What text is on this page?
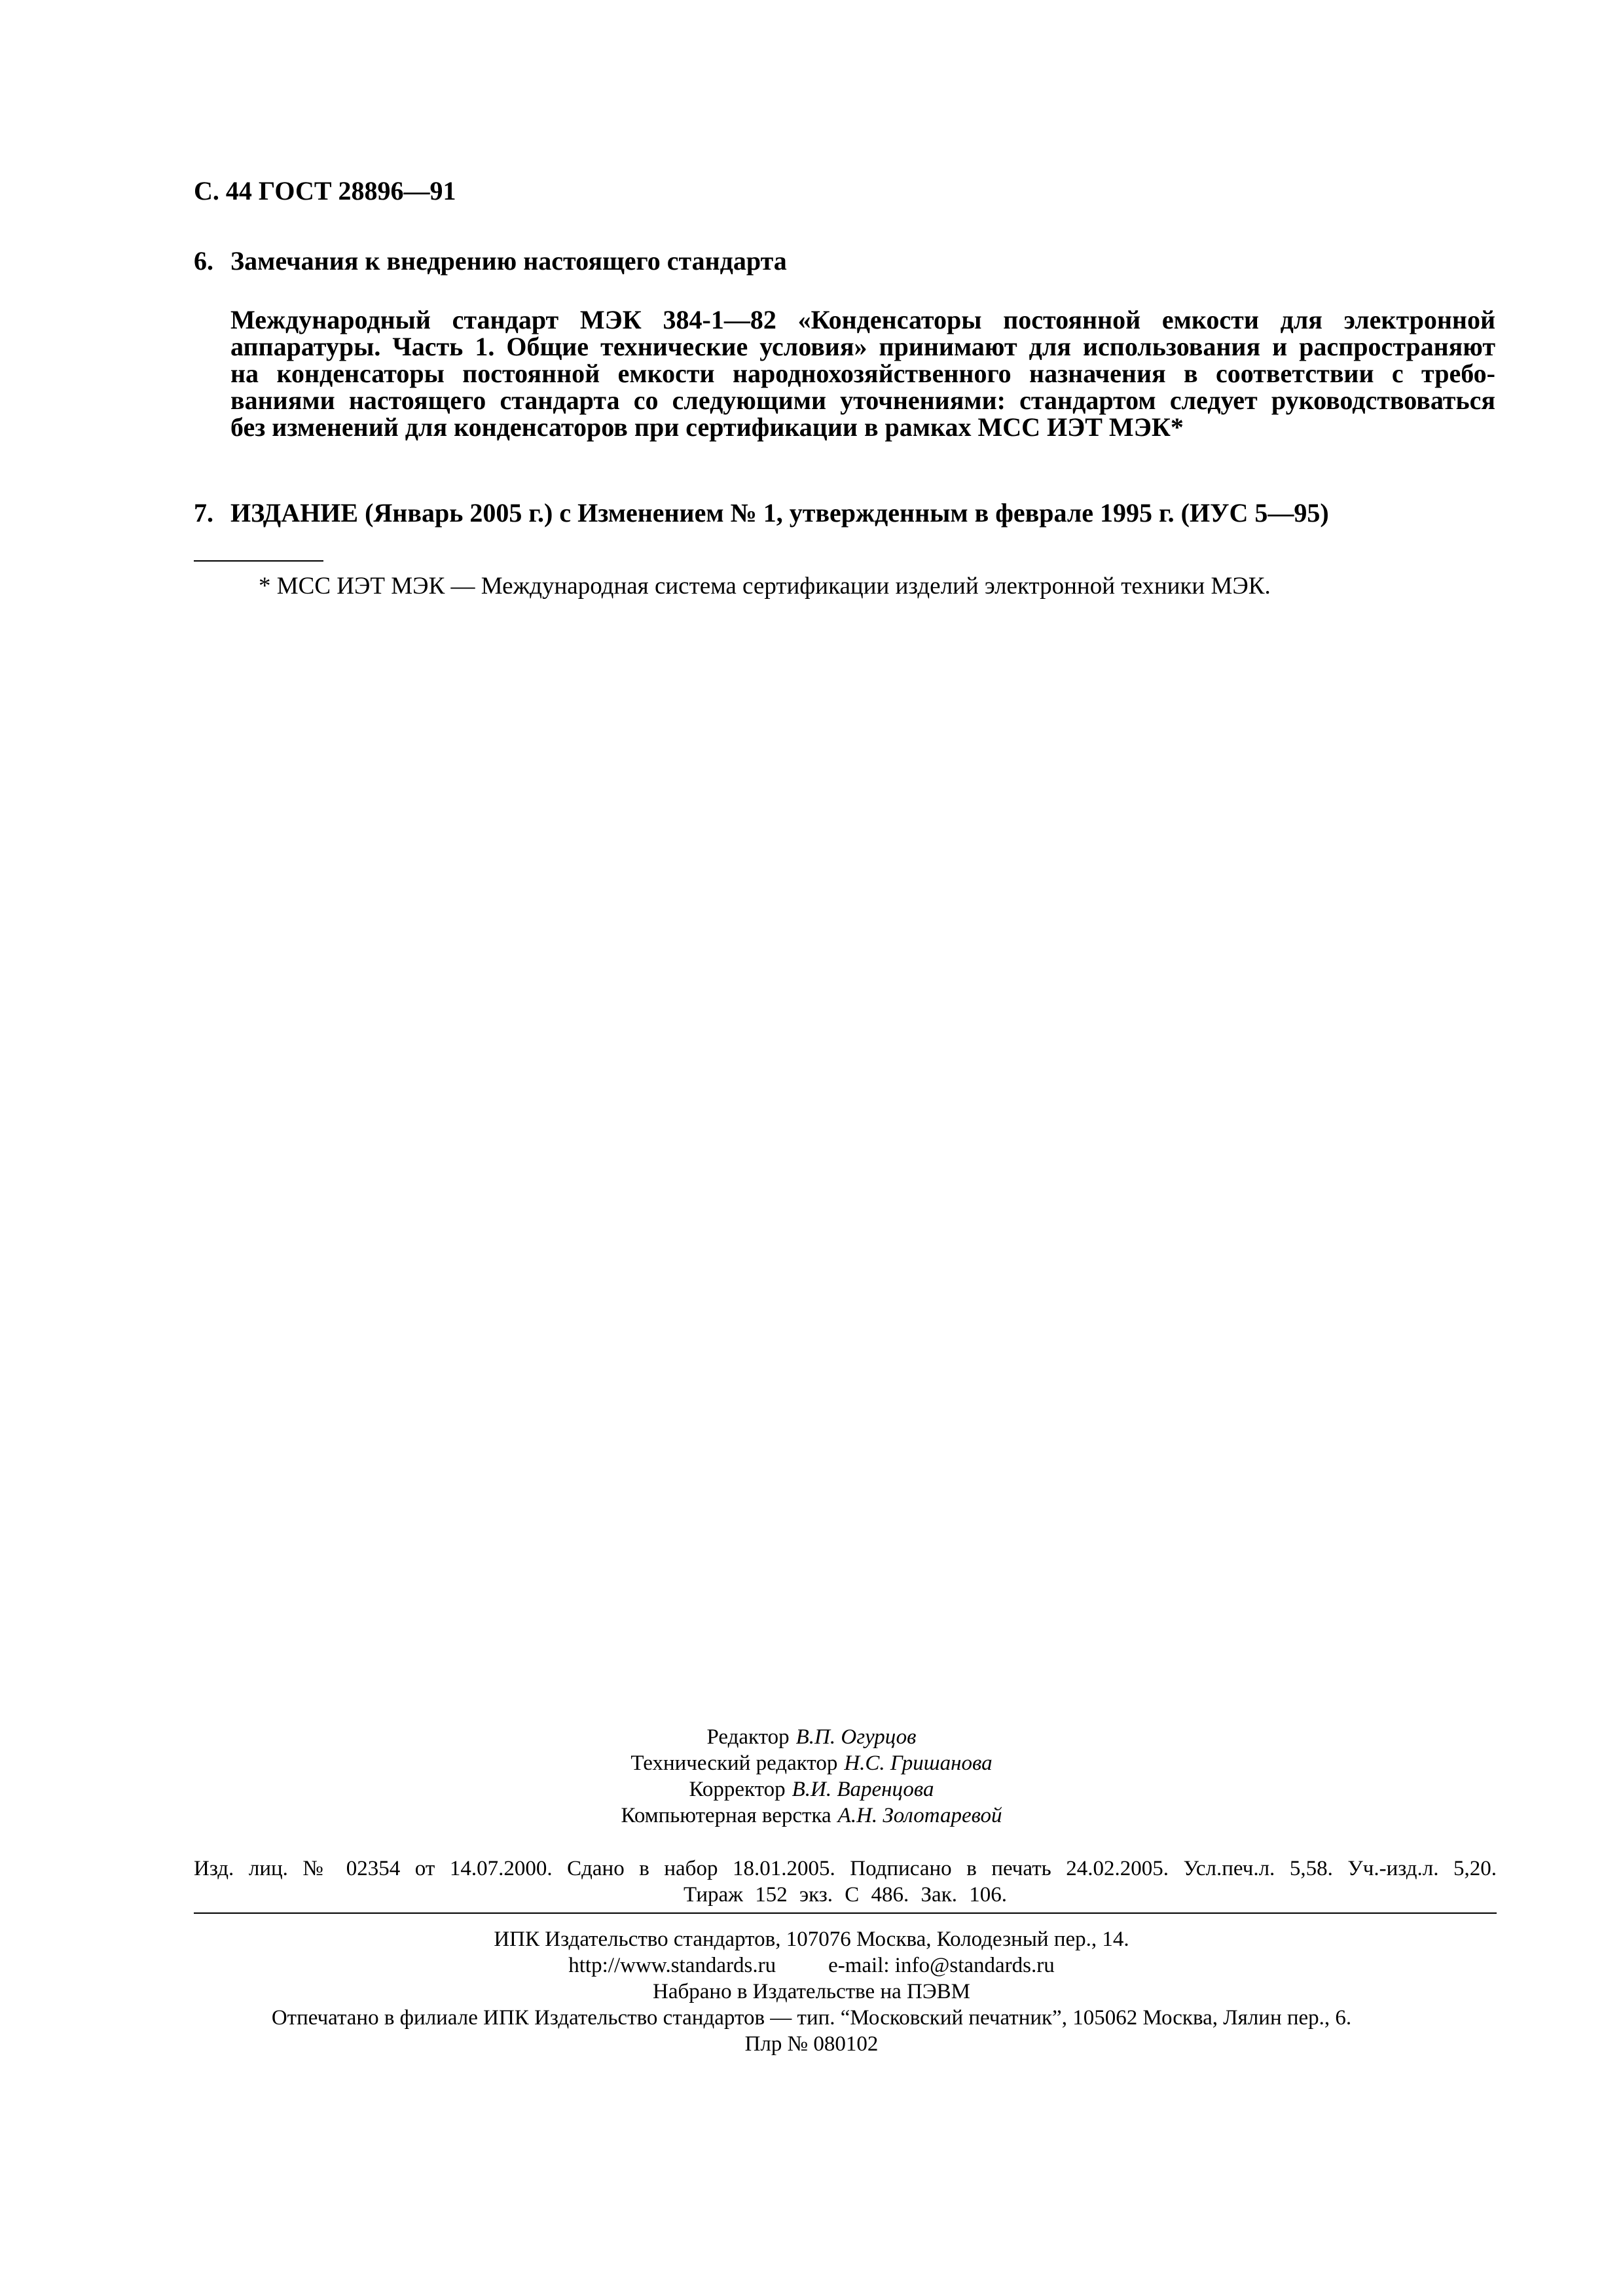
С. 44 ГОСТ 28896—91
6. Замечания к внедрению настоящего стандарта
Международный стандарт МЭК 384-1—82 «Конденсаторы постоянной емкости для электронной
аппаратуры. Часть 1. Общие технические условия» принимают для использования и распространяют
на конденсаторы постоянной емкости народнохозяйственного назначения в соответствии с требо-
ваниями настоящего стандарта со следующими уточнениями: стандартом следует руководствоваться
без изменений для конденсаторов при сертификации в рамках МСС ИЭТ МЭК*
7. ИЗДАНИЕ (Январь 2005 г.) с Изменением № 1, утвержденным в феврале 1995 г. (ИУС 5—95)
* МСС ИЭТ МЭК — Международная система сертификации изделий электронной техники МЭК.
Редактор В.П. Огурцов
Технический редактор Н.С. Гришанова
Корректор В.И. Варенцова
Компьютерная верстка А.Н. Золотаревой
Изд. лиц. № 02354 от 14.07.2000. Сдано в набор 18.01.2005. Подписано в печать 24.02.2005. Усл.печ.л. 5,58. Уч.-изд.л. 5,20.
Тираж 152 экз. С 486. Зак. 106.
ИПК Издательство стандартов, 107076 Москва, Колодезный пер., 14.
http://www.standards.ru e-mail: info@standards.ru
Набрано в Издательстве на ПЭВМ
Отпечатано в филиале ИПК Издательство стандартов — тип. “Московский печатник”, 105062 Москва, Лялин пер., 6.
Плр № 080102
